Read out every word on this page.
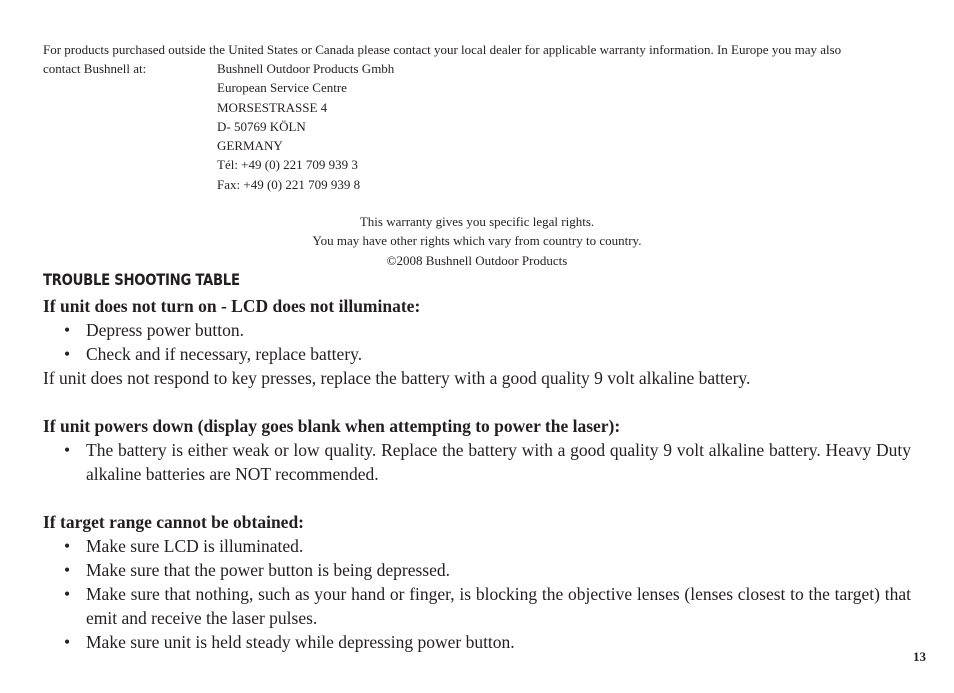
For products purchased outside the United States or Canada please contact your local dealer for applicable warranty information. In Europe you may also
contact Bushnell at:	Bushnell Outdoor Products Gmbh
European Service Centre
MORSESTRASSE 4
D- 50769 KÖLN
GERMANY
Tél: +49 (0) 221 709 939 3
Fax: +49 (0) 221 709 939 8
This warranty gives you specific legal rights.
You may have other rights which vary from country to country.
©2008 Bushnell Outdoor Products
TROUBLE SHOOTING TABLE
If unit does not turn on - LCD does not illuminate:
• Depress power button.
• Check and if necessary, replace battery.
If unit does not respond to key presses, replace the battery with a good quality 9 volt alkaline battery.
If unit powers down (display goes blank when attempting to power the laser):
• The battery is either weak or low quality. Replace the battery with a good quality 9 volt alkaline battery. Heavy Duty alkaline batteries are NOT recommended.
If target range cannot be obtained:
• Make sure LCD is illuminated.
• Make sure that the power button is being depressed.
• Make sure that nothing, such as your hand or finger, is blocking the objective lenses (lenses closest to the target) that emit and receive the laser pulses.
• Make sure unit is held steady while depressing power button.
13
